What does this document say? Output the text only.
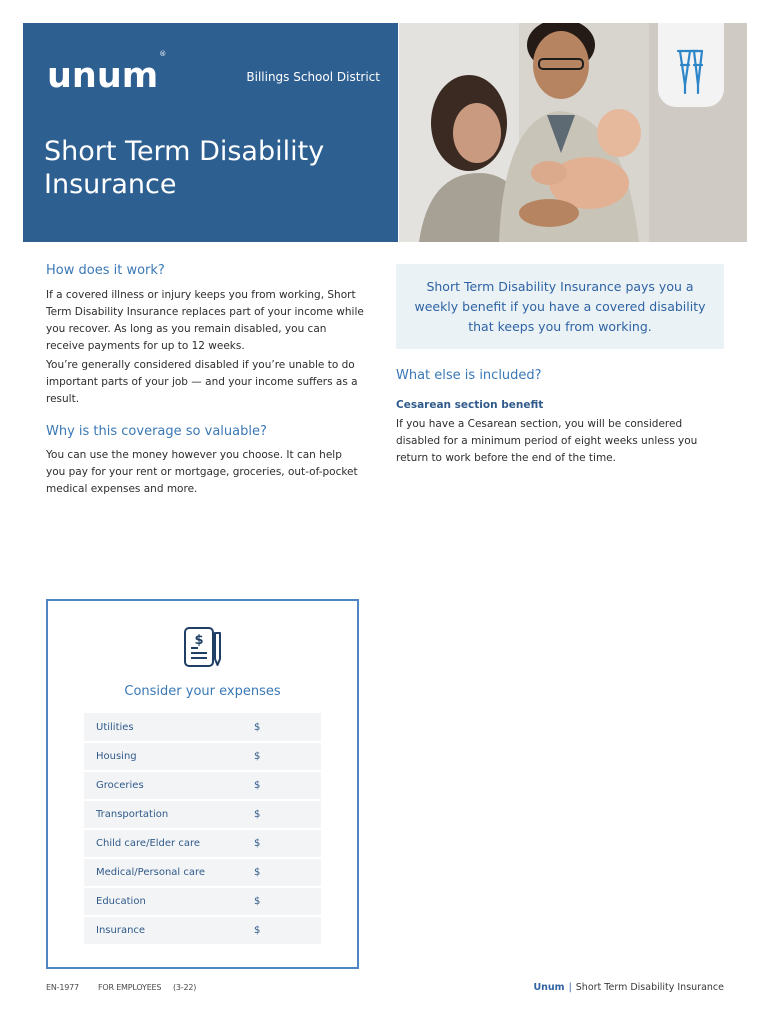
unum®
Billings School District
Short Term Disability Insurance
How does it work?

If a covered illness or injury keeps you from working, Short Term Disability Insurance replaces part of your income while you recover. As long as you remain disabled, you can receive payments for up to 12 weeks.

You’re generally considered disabled if you’re unable to do important parts of your job — and your income suffers as a result.

Why is this coverage so valuable?

You can use the money however you choose. It can help you pay for your rent or mortgage, groceries, out-of-pocket medical expenses and more.

Short Term Disability Insurance pays you a weekly benefit if you have a covered disability that keeps you from working.
What else is included?
Cesarean section benefit

If you have a Cesarean section, you will be considered disabled for a minimum period of eight weeks unless you return to work before the end of the time.

$
Consider your expenses
Utilities	$
Housing	$
Groceries	$
Transportation	$
Child care/Elder care	$
Medical/Personal care	$
Education	$
Insurance	$
EN-1977 FOR EMPLOYEES (3-22)	Unum | Short Term Disability Insurance
